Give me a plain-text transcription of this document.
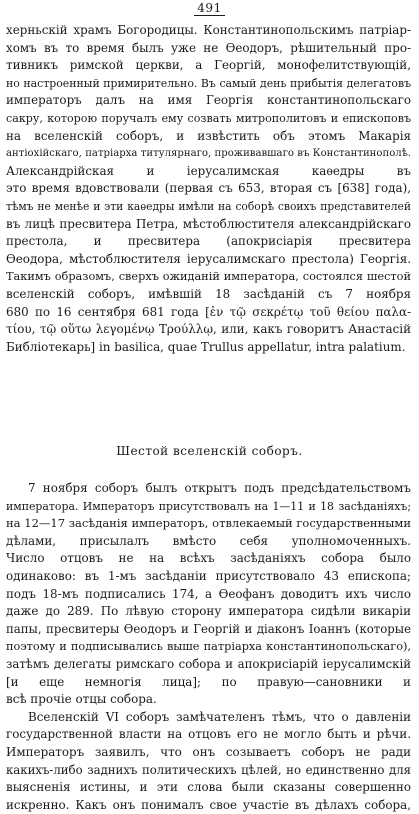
491
херньскій храмъ Богородицы. Константинопольскимъ патріар-
хомъ въ то время былъ уже не Ѳеодоръ, рѣшительный про-
тивникъ римской церкви, а Георгій, монофелитствующій,
но настроенный примирительно. Въ самый день прибытія делегатовъ
императоръ далъ на имя Георгія константинопольскаго
сакру, которою поручалъ ему созвать митрополитовъ и епископовъ
на вселенскій соборъ, и извѣстить объ этомъ Макарія
антіохійскаго, патріарха титулярнаго, проживавшаго въ Константинополѣ.
Александрійская и іерусалимская каѳедры въ
это время вдовствовали (первая съ 653, вторая съ [638] года),
тѣмъ не менѣе и эти каѳедры имѣли на соборѣ своихъ представителей
въ лицѣ пресвитера Петра, мѣстоблюстителя александрійскаго
престола, и пресвитера (апокрисіарія пресвитера
Ѳеодора, мѣстоблюстителя іерусалимскаго престола) Георгія.
Такимъ образомъ, сверхъ ожиданій императора, состоялся шестой
вселенскій соборъ, имѣвшій 18 засѣданій съ 7 ноября
680 по 16 сентября 681 года [ἐν τῷ σεκρέτῳ τοῦ θείου παλα-
τίου, τῷ οὕτω λεγομένῳ Τρούλλῳ, или, какъ говоритъ Анастасій
Библіотекарь] in basilica, quae Trullus appellatur, intra palatium.
Шестой вселенскій соборъ.
7 ноября соборъ былъ открытъ подъ предсѣдательствомъ
императора. Императоръ присутствовалъ на 1—11 и 18 засѣданіяхъ;
на 12—17 засѣданія императоръ, отвлекаемый государственными
дѣлами, присылалъ вмѣсто себя уполномоченныхъ.
Число отцовъ не на всѣхъ засѣданіяхъ собора было
одинаково: въ 1-мъ засѣданіи присутствовало 43 епископа;
подъ 18-мъ подписались 174, а Ѳеофанъ доводитъ ихъ число
даже до 289. По лѣвую сторону императора сидѣли викаріи
папы, пресвитеры Ѳеодоръ и Георгій и діаконъ Іоаннъ (которые
поэтому и подписывались выше патріарха константинопольскаго),
затѣмъ делегаты римскаго собора и апокрисіарій іерусалимскій
[и еще немногія лица]; по правую—сановники и
всѣ прочіе отцы собора.
Вселенскій VI соборъ замѣчателенъ тѣмъ, что о давленіи
государственной власти на отцовъ его не могло быть и рѣчи.
Императоръ заявилъ, что онъ созываетъ соборъ не ради
какихъ-либо заднихъ политическихъ цѣлей, но единственно для
выясненія истины, и эти слова были сказаны совершенно
искренно. Какъ онъ понималъ свое участіе въ дѣлахъ собора,
